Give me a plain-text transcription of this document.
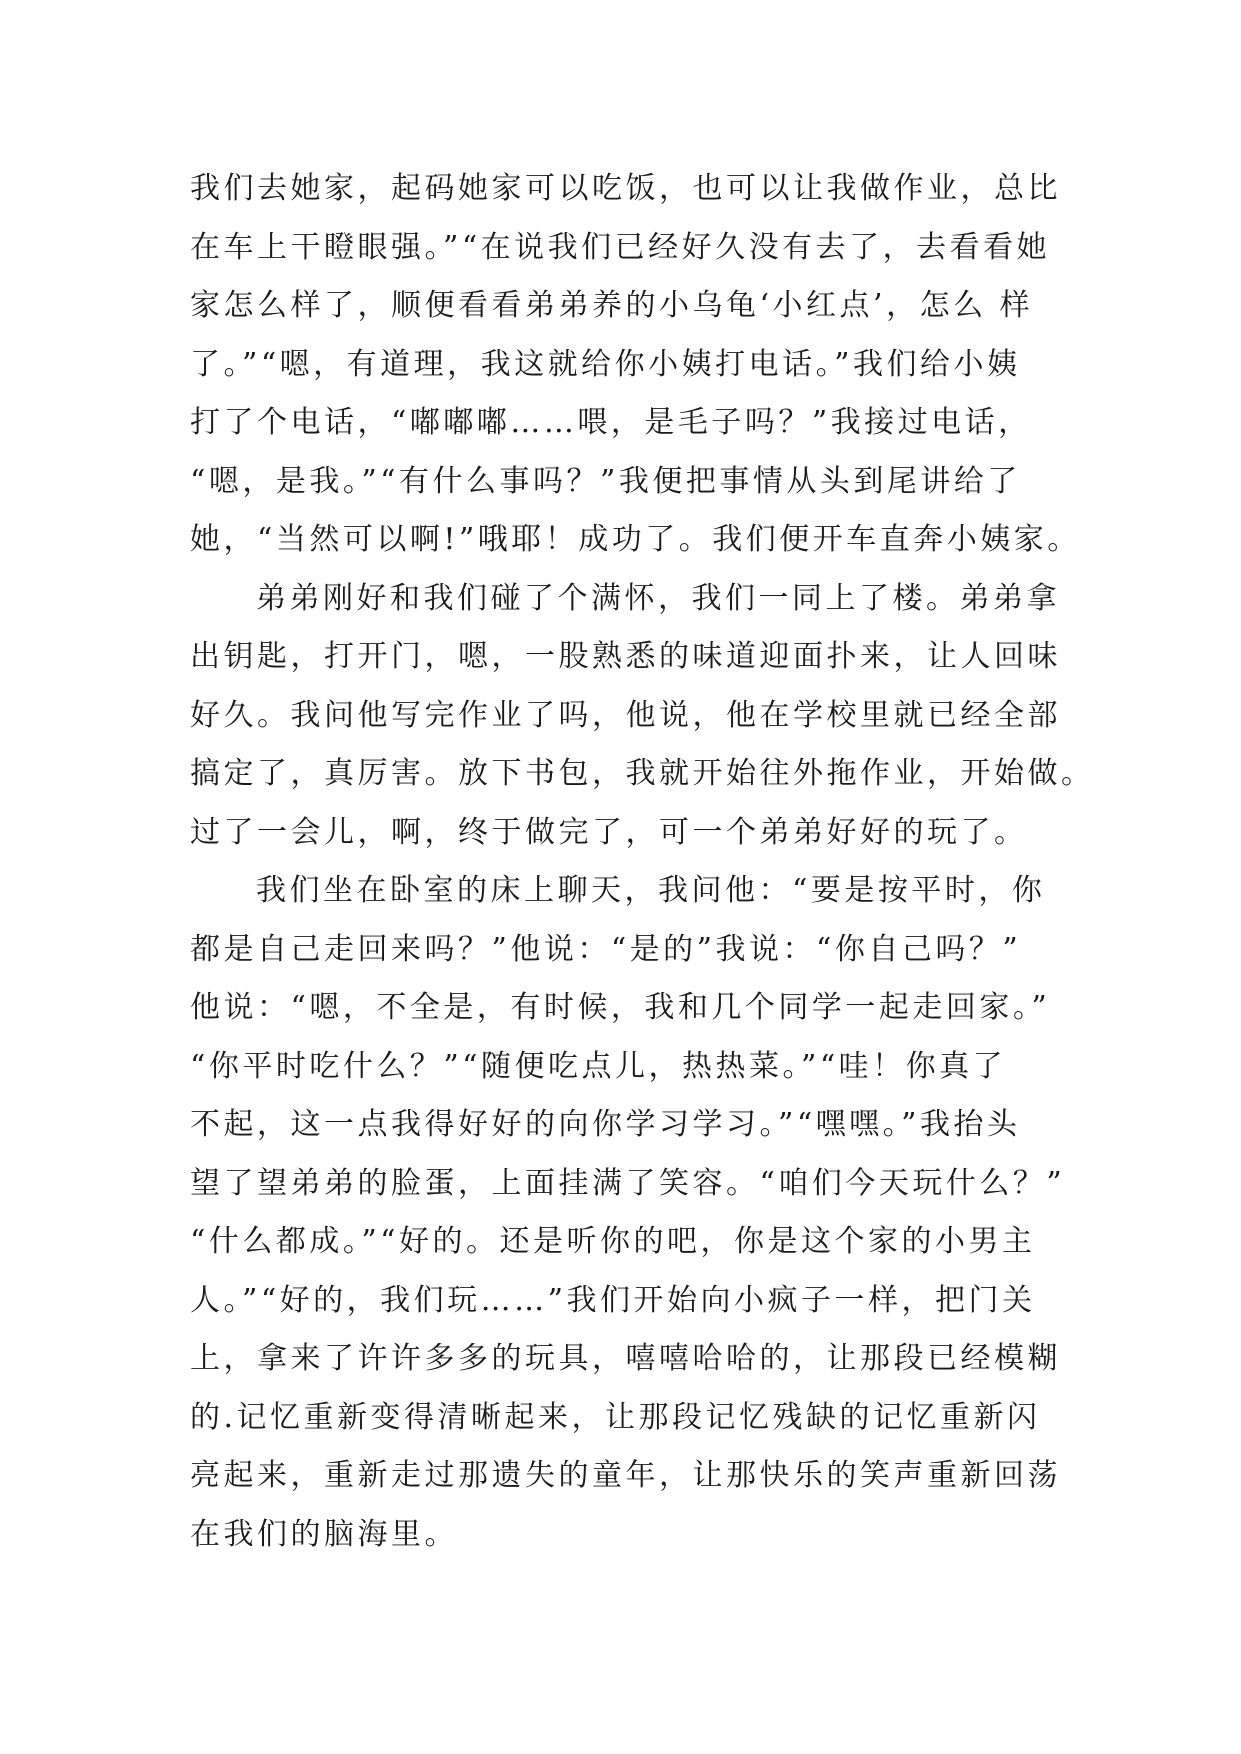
我们去她家，起码她家可以吃饭，也可以让我做作业，总比
在车上干瞪眼强。”“在说我们已经好久没有去了，去看看她
家怎么样了，顺便看看弟弟养的小乌龟‘小红点’，怎么 样
了。”“嗯，有道理，我这就给你小姨打电话。”我们给小姨
打了个电话，“嘟嘟嘟……喂，是毛子吗？”我接过电话，
“嗯，是我。”“有什么事吗？”我便把事情从头到尾讲给了
她，“当然可以啊!”哦耶！成功了。我们便开车直奔小姨家。
弟弟刚好和我们碰了个满怀，我们一同上了楼。弟弟拿
出钥匙，打开门，嗯，一股熟悉的味道迎面扑来，让人回味
好久。我问他写完作业了吗，他说，他在学校里就已经全部
搞定了，真厉害。放下书包，我就开始往外拖作业，开始做。
过了一会儿，啊，终于做完了，可一个弟弟好好的玩了。
我们坐在卧室的床上聊天，我问他：“要是按平时，你
都是自己走回来吗？”他说：“是的”我说：“你自己吗？”
他说：“嗯，不全是，有时候，我和几个同学一起走回家。”
“你平时吃什么？”“随便吃点儿，热热菜。”“哇！你真了
不起，这一点我得好好的向你学习学习。”“嘿嘿。”我抬头
望了望弟弟的脸蛋，上面挂满了笑容。“咱们今天玩什么？”
“什么都成。”“好的。还是听你的吧，你是这个家的小男主
人。”“好的，我们玩……”我们开始向小疯子一样，把门关
上，拿来了许许多多的玩具，嘻嘻哈哈的，让那段已经模糊
的.记忆重新变得清晰起来，让那段记忆残缺的记忆重新闪
亮起来，重新走过那遗失的童年，让那快乐的笑声重新回荡
在我们的脑海里。
